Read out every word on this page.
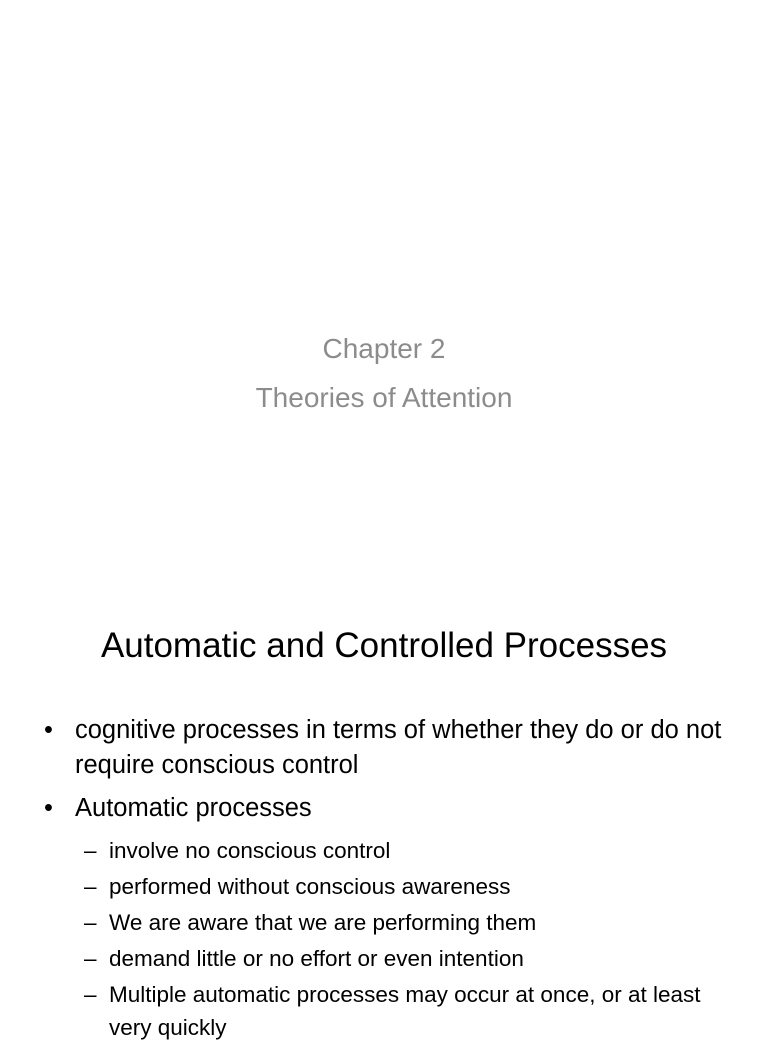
Chapter 2
Theories of Attention
Automatic and Controlled Processes
• cognitive processes in terms of whether they do or do not require conscious control
• Automatic processes
– involve no conscious control
– performed without conscious awareness
– We are aware that we are performing them
– demand little or no effort or even intention
– Multiple automatic processes may occur at once, or at least very quickly
